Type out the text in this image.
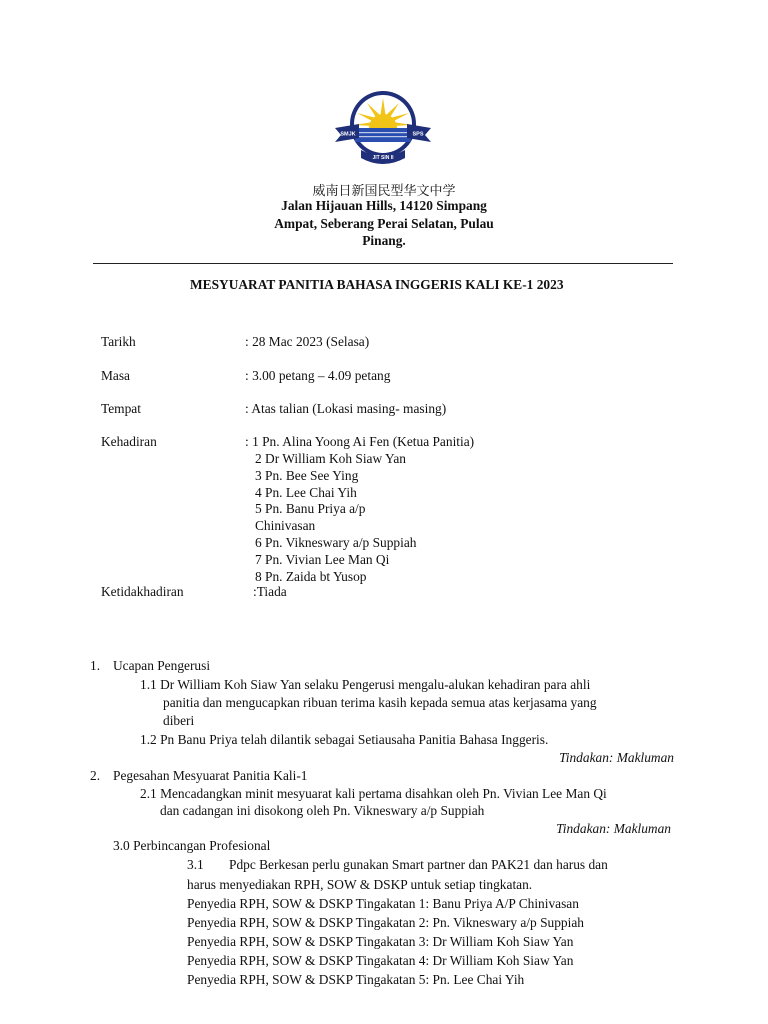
SMJK	SPS
JIT SIN II
威南日新国民型华文中学
Jalan Hijauan Hills, 14120 Simpang
Ampat, Seberang Perai Selatan, Pulau
Pinang.
MESYUARAT PANITIA BAHASA INGGERIS KALI KE-1 2023
Tarikh	: 28 Mac 2023 (Selasa)
Masa	: 3.00 petang – 4.09 petang
Tempat	: Atas talian (Lokasi masing- masing)
Kehadiran	: 1 Pn. Alina Yoong Ai Fen (Ketua Panitia)
2 Dr William Koh Siaw Yan
3 Pn. Bee See Ying
4 Pn. Lee Chai Yih
5 Pn. Banu Priya a/p
Chinivasan
6 Pn. Vikneswary a/p Suppiah
7 Pn. Vivian Lee Man Qi
8 Pn. Zaida bt Yusop
Ketidakhadiran	:Tiada
1. Ucapan Pengerusi
1.1 Dr William Koh Siaw Yan selaku Pengerusi mengalu-alukan kehadiran para ahli
panitia dan mengucapkan ribuan terima kasih kepada semua atas kerjasama yang
diberi
1.2 Pn Banu Priya telah dilantik sebagai Setiausaha Panitia Bahasa Inggeris.
Tindakan: Makluman
2. Pegesahan Mesyuarat Panitia Kali-1
2.1 Mencadangkan minit mesyuarat kali pertama disahkan oleh Pn. Vivian Lee Man Qi
dan cadangan ini disokong oleh Pn. Vikneswary a/p Suppiah
Tindakan: Makluman
3.0 Perbincangan Profesional
3.1 Pdpc Berkesan perlu gunakan Smart partner dan PAK21 dan harus dan
harus menyediakan RPH, SOW & DSKP untuk setiap tingkatan.
Penyedia RPH, SOW & DSKP Tingakatan 1: Banu Priya A/P Chinivasan
Penyedia RPH, SOW & DSKP Tingakatan 2: Pn. Vikneswary a/p Suppiah
Penyedia RPH, SOW & DSKP Tingakatan 3: Dr William Koh Siaw Yan
Penyedia RPH, SOW & DSKP Tingakatan 4: Dr William Koh Siaw Yan
Penyedia RPH, SOW & DSKP Tingakatan 5: Pn. Lee Chai Yih
